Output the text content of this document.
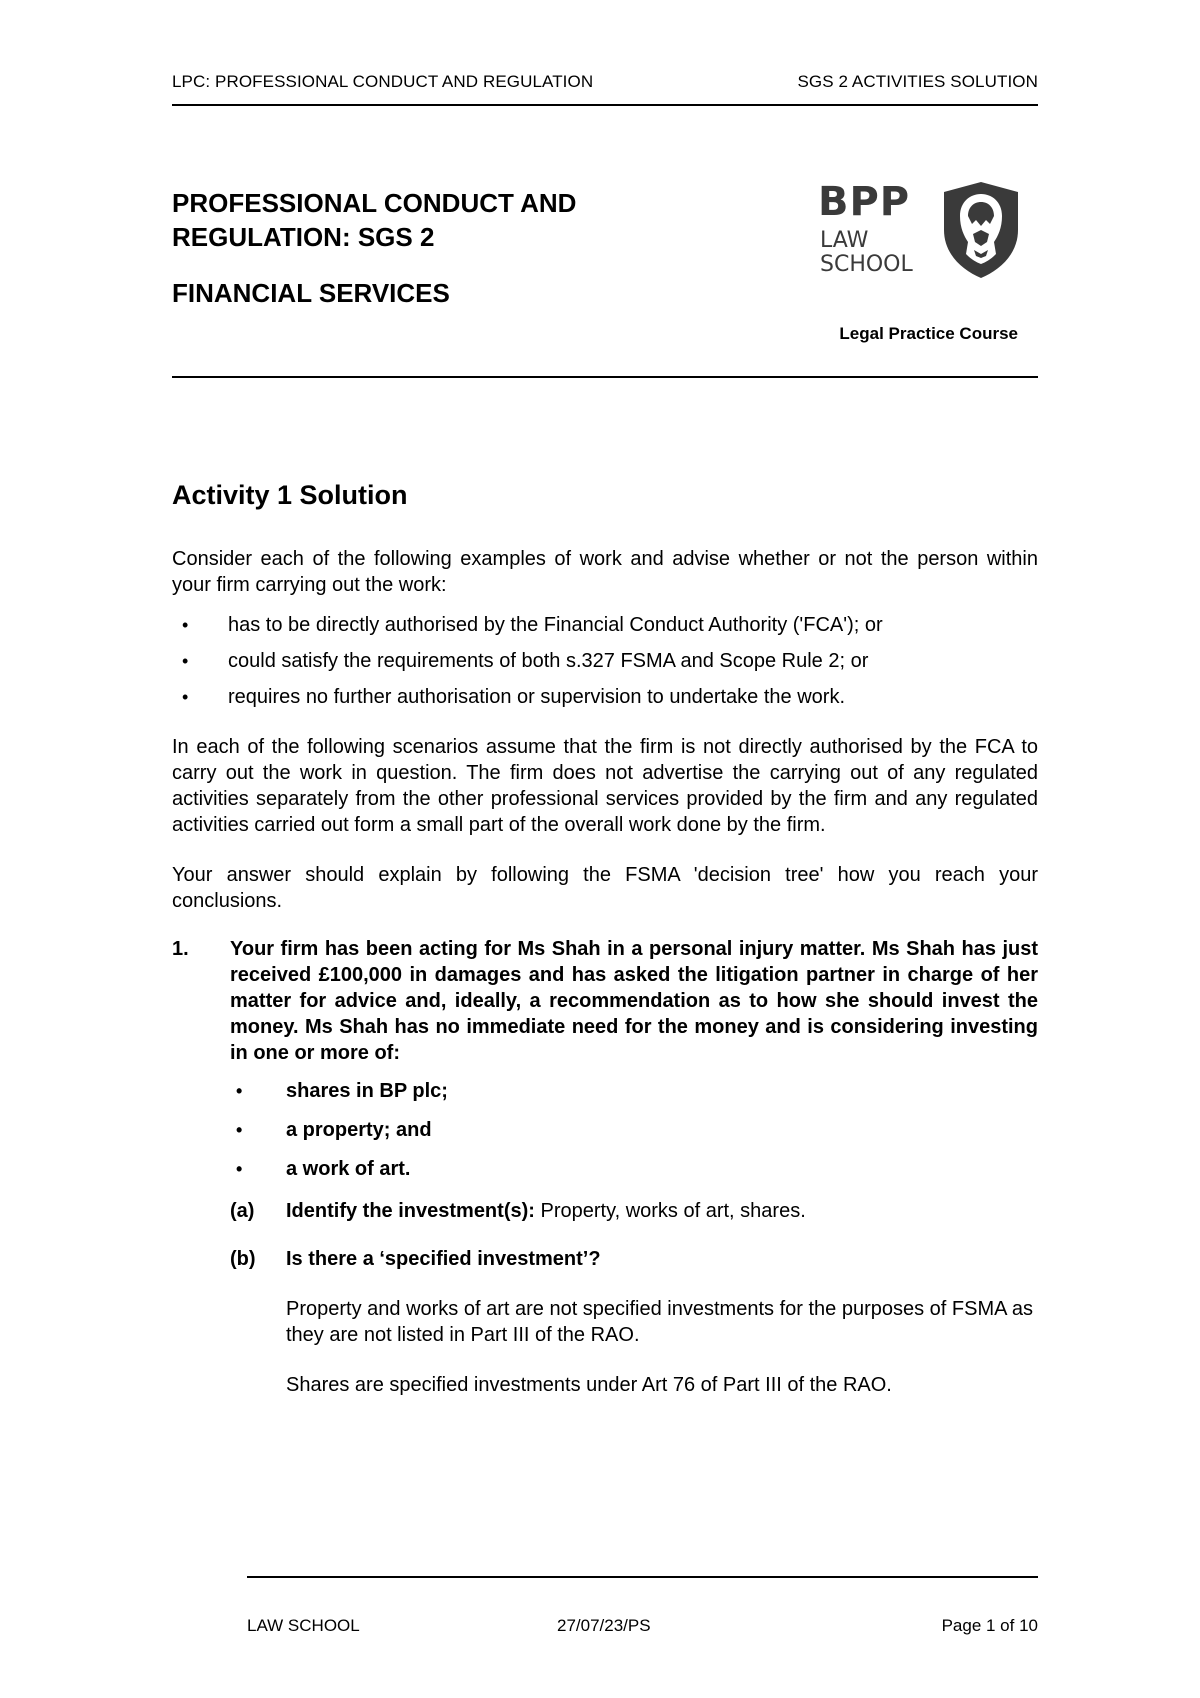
LPC: PROFESSIONAL CONDUCT AND REGULATION	SGS 2 ACTIVITIES SOLUTION
PROFESSIONAL CONDUCT AND
REGULATION: SGS 2
FINANCIAL SERVICES
BPP
LAW
SCHOOL
Legal Practice Course
Activity 1 Solution

Consider each of the following examples of work and advise whether or not the person within your firm carrying out the work:

• has to be directly authorised by the Financial Conduct Authority ('FCA'); or
• could satisfy the requirements of both s.327 FSMA and Scope Rule 2; or
• requires no further authorisation or supervision to undertake the work.

In each of the following scenarios assume that the firm is not directly authorised by the FCA to carry out the work in question. The firm does not advertise the carrying out of any regulated activities separately from the other professional services provided by the firm and any regulated activities carried out form a small part of the overall work done by the firm.

Your answer should explain by following the FSMA 'decision tree' how you reach your conclusions.

1.	Your firm has been acting for Ms Shah in a personal injury matter. Ms Shah has just received £100,000 in damages and has asked the litigation partner in charge of her matter for advice and, ideally, a recommendation as to how she should invest the money. Ms Shah has no immediate need for the money and is considering investing in one or more of:
• shares in BP plc;
• a property; and
• a work of art.
(a)	Identify the investment(s): Property, works of art, shares.
(b)	Is there a ‘specified investment’?

Property and works of art are not specified investments for the purposes of FSMA as they are not listed in Part III of the RAO.

Shares are specified investments under Art 76 of Part III of the RAO.

LAW SCHOOL	27/07/23/PS	Page 1 of 10
